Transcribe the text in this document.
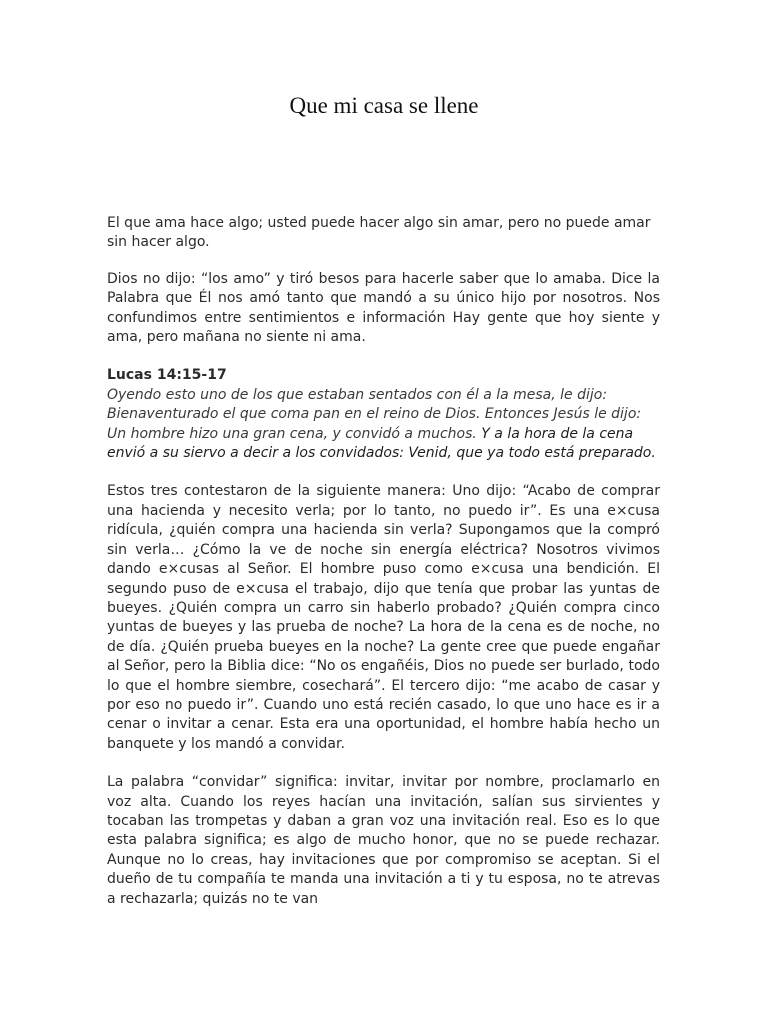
Que mi casa se llene

El que ama hace algo; usted puede hacer algo sin amar, pero no puede amar sin hacer algo.

Dios no dijo: “los amo” y tiró besos para hacerle saber que lo amaba. Dice la Palabra que Él nos amó tanto que mandó a su único hijo por nosotros. Nos confundimos entre sentimientos e información Hay gente que hoy siente y ama, pero mañana no siente ni ama.

Lucas 14:15-17

Oyendo esto uno de los que estaban sentados con él a la mesa, le dijo: Bienaventurado el que coma pan en el reino de Dios. Entonces Jesús le dijo: Un hombre hizo una gran cena, y convidó a muchos. Y a la hora de la cena envió a su siervo a decir a los convidados: Venid, que ya todo está preparado.

Estos tres contestaron de la siguiente manera: Uno dijo: “Acabo de comprar una hacienda y necesito verla; por lo tanto, no puedo ir”. Es una e×cusa ridícula, ¿quién compra una hacienda sin verla? Supongamos que la compró sin verla… ¿Cómo la ve de noche sin energía eléctrica? Nosotros vivimos dando e×cusas al Señor. El hombre puso como e×cusa una bendición. El segundo puso de e×cusa el trabajo, dijo que tenía que probar las yuntas de bueyes. ¿Quién compra un carro sin haberlo probado? ¿Quién compra cinco yuntas de bueyes y las prueba de noche? La hora de la cena es de noche, no de día. ¿Quién prueba bueyes en la noche? La gente cree que puede engañar al Señor, pero la Biblia dice: “No os engañéis, Dios no puede ser burlado, todo lo que el hombre siembre, cosechará”. El tercero dijo: “me acabo de casar y por eso no puedo ir”. Cuando uno está recién casado, lo que uno hace es ir a cenar o invitar a cenar. Esta era una oportunidad, el hombre había hecho un banquete y los mandó a convidar.

La palabra “convidar” significa: invitar, invitar por nombre, proclamarlo en voz alta. Cuando los reyes hacían una invitación, salían sus sirvientes y tocaban las trompetas y daban a gran voz una invitación real. Eso es lo que esta palabra significa; es algo de mucho honor, que no se puede rechazar. Aunque no lo creas, hay invitaciones que por compromiso se aceptan. Si el dueño de tu compañía te manda una invitación a ti y tu esposa, no te atrevas a rechazarla; quizás no te van
